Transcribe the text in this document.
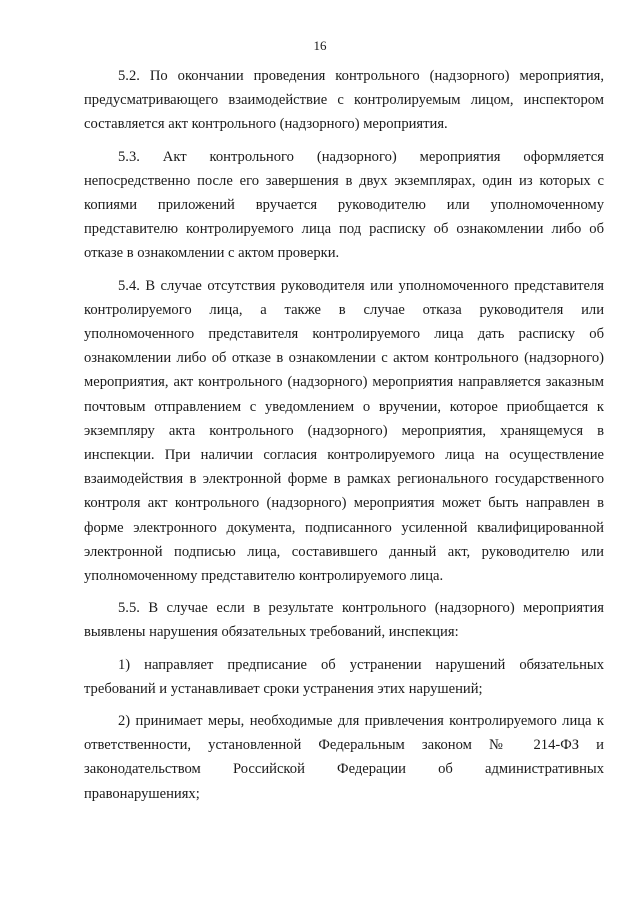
16

5.2. По окончании проведения контрольного (надзорного) мероприятия, предусматривающего взаимодействие с контролируемым лицом, инспектором составляется акт контрольного (надзорного) мероприятия.

5.3. Акт контрольного (надзорного) мероприятия оформляется непосредственно после его завершения в двух экземплярах, один из которых с копиями приложений вручается руководителю или уполномоченному представителю контролируемого лица под расписку об ознакомлении либо об отказе в ознакомлении с актом проверки.

5.4. В случае отсутствия руководителя или уполномоченного представителя контролируемого лица, а также в случае отказа руководителя или уполномоченного представителя контролируемого лица дать расписку об ознакомлении либо об отказе в ознакомлении с актом контрольного (надзорного) мероприятия, акт контрольного (надзорного) мероприятия направляется заказным почтовым отправлением с уведомлением о вручении, которое приобщается к экземпляру акта контрольного (надзорного) мероприятия, хранящемуся в инспекции. При наличии согласия контролируемого лица на осуществление взаимодействия в электронной форме в рамках регионального государственного контроля акт контрольного (надзорного) мероприятия может быть направлен в форме электронного документа, подписанного усиленной квалифицированной электронной подписью лица, составившего данный акт, руководителю или уполномоченному представителю контролируемого лица.

5.5. В случае если в результате контрольного (надзорного) мероприятия выявлены нарушения обязательных требований, инспекция:

1) направляет предписание об устранении нарушений обязательных требований и устанавливает сроки устранения этих нарушений;

2) принимает меры, необходимые для привлечения контролируемого лица к ответственности, установленной Федеральным законом № 214-ФЗ и законодательством Российской Федерации об административных правонарушениях;
